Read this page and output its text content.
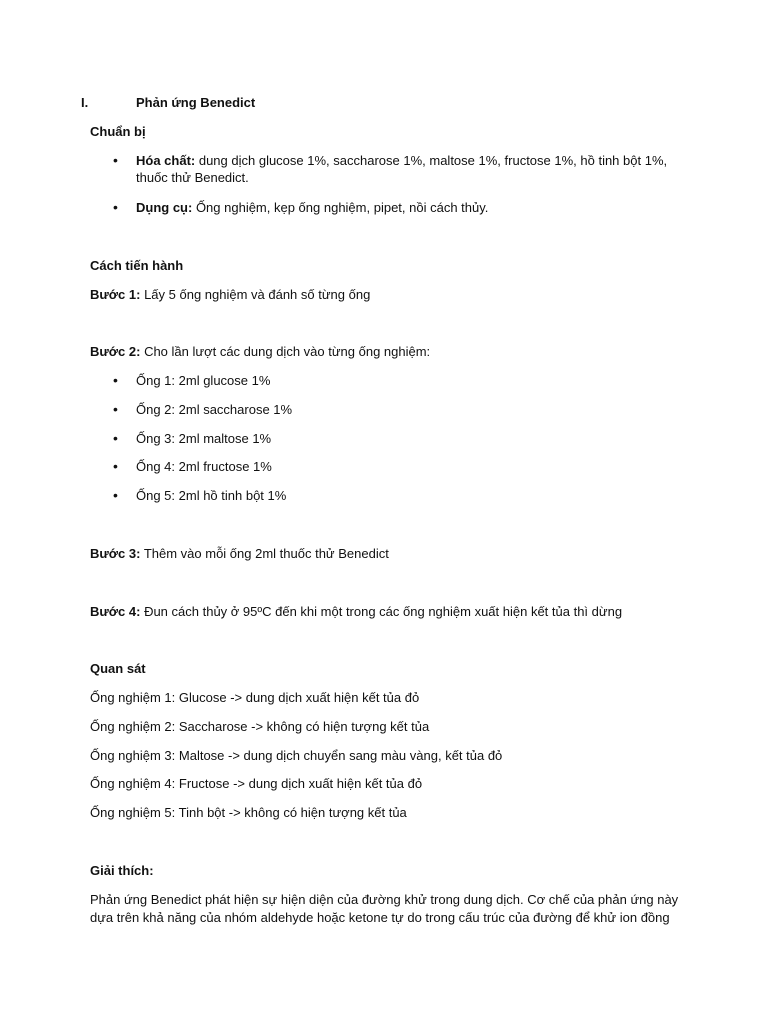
I.	Phản ứng Benedict
Chuẩn bị
• Hóa chất: dung dịch glucose 1%, saccharose 1%, maltose 1%, fructose 1%, hồ tinh bột 1%, thuốc thử Benedict.
• Dụng cụ: Ống nghiệm, kẹp ống nghiệm, pipet, nồi cách thủy.
Cách tiến hành
Bước 1: Lấy 5 ống nghiệm và đánh số từng ống
Bước 2: Cho lần lượt các dung dịch vào từng ống nghiệm:
• Ống 1: 2ml glucose 1%
• Ống 2: 2ml saccharose 1%
• Ống 3: 2ml maltose 1%
• Ống 4: 2ml fructose 1%
• Ống 5: 2ml hồ tinh bột 1%
Bước 3: Thêm vào mỗi ống 2ml thuốc thử Benedict
Bước 4: Đun cách thủy ở 95ºC đến khi một trong các ống nghiệm xuất hiện kết tủa thì dừng
Quan sát
Ống nghiệm 1: Glucose -> dung dịch xuất hiện kết tủa đỏ
Ống nghiệm 2: Saccharose -> không có hiện tượng kết tủa
Ống nghiệm 3: Maltose -> dung dịch chuyển sang màu vàng, kết tủa đỏ
Ống nghiệm 4: Fructose -> dung dịch xuất hiện kết tủa đỏ
Ống nghiệm 5: Tinh bột -> không có hiện tượng kết tủa
Giải thích:
Phản ứng Benedict phát hiện sự hiện diện của đường khử trong dung dịch. Cơ chế của phản ứng này
dựa trên khả năng của nhóm aldehyde hoặc ketone tự do trong cấu trúc của đường để khử ion đồng
